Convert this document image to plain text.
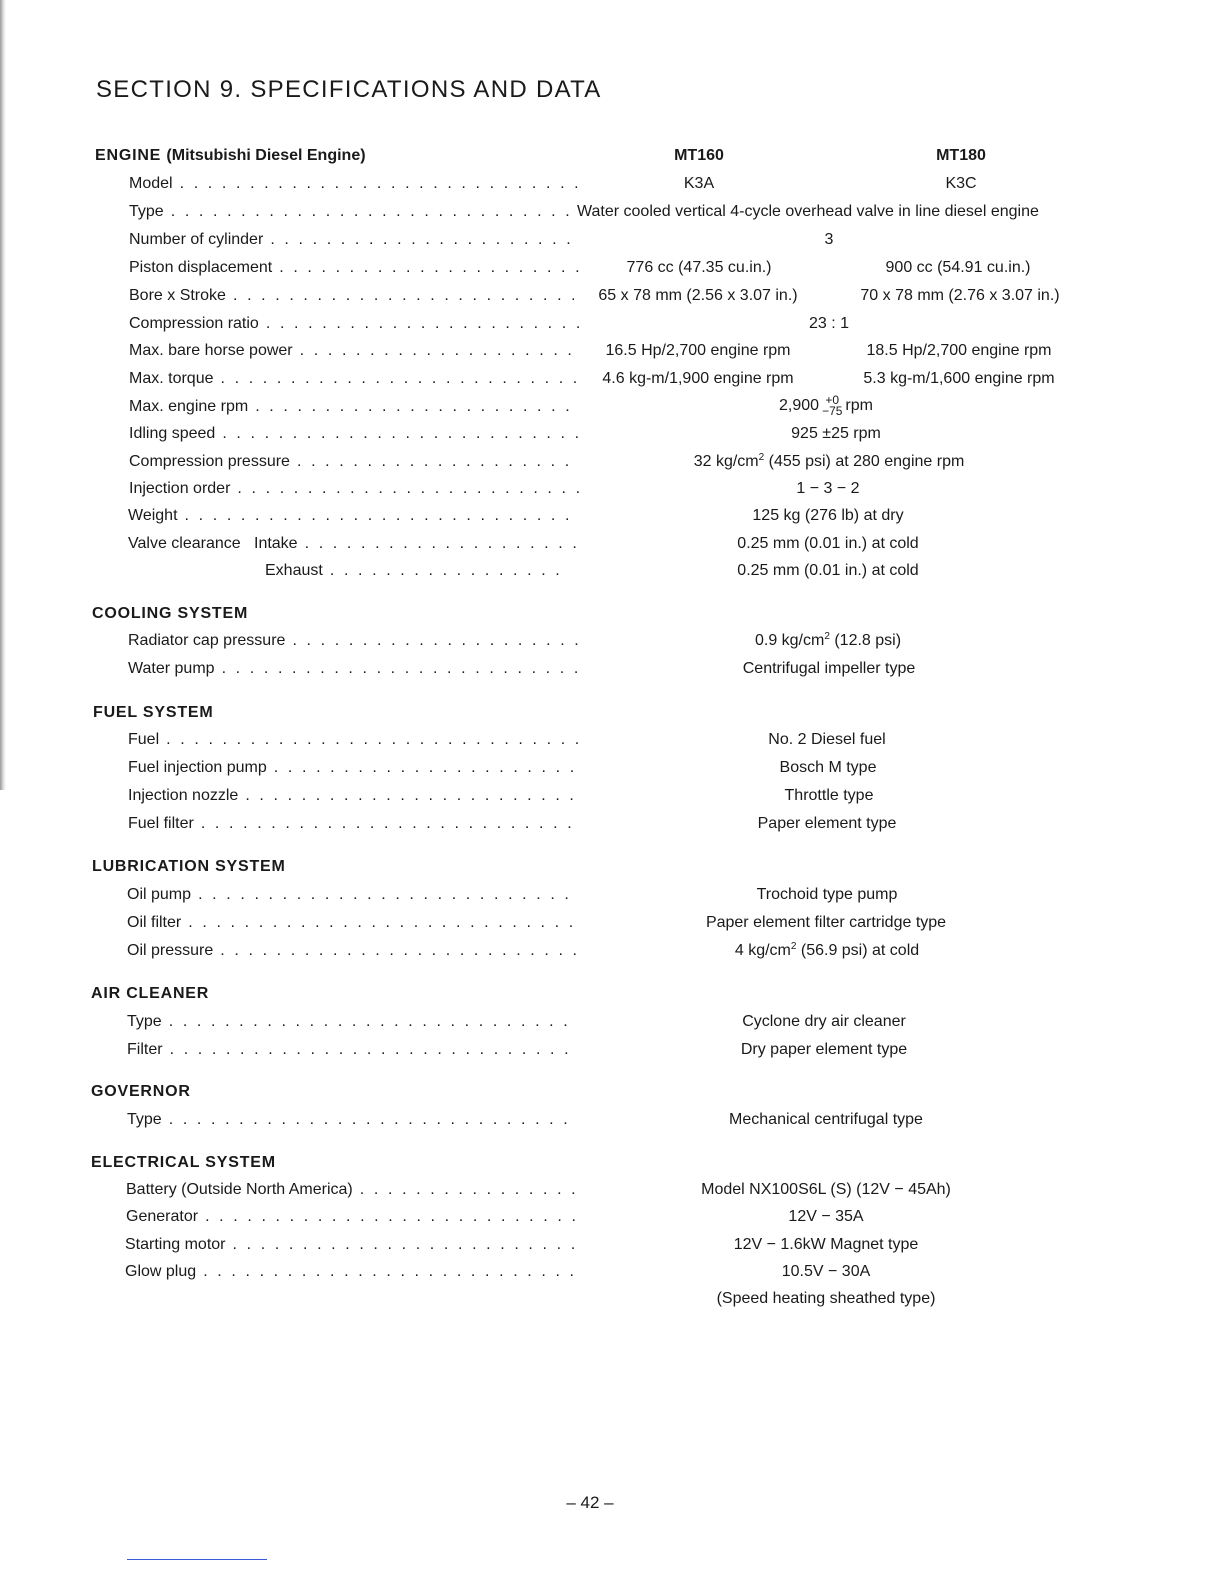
SECTION 9. SPECIFICATIONS AND DATA
ENGINE (Mitsubishi Diesel Engine)	MT160	MT180
Model . . .	K3A	K3C
Type . . .	Water cooled vertical 4-cycle overhead valve in line diesel engine
Number of cylinder . . .	3
Piston displacement . . .	776 cc (47.35 cu.in.)	900 cc (54.91 cu.in.)
Bore x Stroke . . .	65 x 78 mm (2.56 x 3.07 in.)	70 x 78 mm (2.76 x 3.07 in.)
Compression ratio . . .	23 : 1
Max. bare horse power . . .	16.5 Hp/2,700 engine rpm	18.5 Hp/2,700 engine rpm
Max. torque . . .	4.6 kg-m/1,900 engine rpm	5.3 kg-m/1,600 engine rpm
Max. engine rpm . . .	2,900 +0
−75 rpm
Idling speed . . .	925 ±25 rpm
Compression pressure . . .	32 $kg/cm^2$ (455 psi) at 280 engine rpm
Injection order . . .	1 − 3 − 2
Weight . . .	125 kg (276 lb) at dry
Valve clearance   Intake . . .	0.25 mm (0.01 in.) at cold
Exhaust . . .	0.25 mm (0.01 in.) at cold
COOLING SYSTEM
Radiator cap pressure . . .	0.9 $kg/cm^2$ (12.8 psi)
Water pump . . .	Centrifugal impeller type
FUEL SYSTEM
Fuel . . .	No. 2 Diesel fuel
Fuel injection pump . . .	Bosch M type
Injection nozzle . . .	Throttle type
Fuel filter . . .	Paper element type
LUBRICATION SYSTEM
Oil pump . . .	Trochoid type pump
Oil filter . . .	Paper element filter cartridge type
Oil pressure . . .	4 $kg/cm^2$ (56.9 psi) at cold
AIR CLEANER
Type . . .	Cyclone dry air cleaner
Filter . . .	Dry paper element type
GOVERNOR
Type . . .	Mechanical centrifugal type
ELECTRICAL SYSTEM
Battery (Outside North America) . . .	Model NX100S6L (S) (12V − 45Ah)
Generator . . .	12V − 35A
Starting motor . . .	12V − 1.6kW Magnet type
Glow plug . . .	10.5V − 30A
(Speed heating sheathed type)
– 42 –
